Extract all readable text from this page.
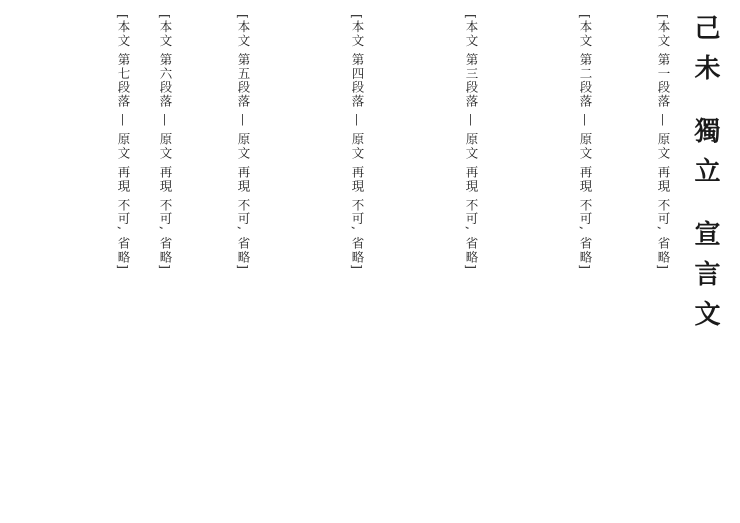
己未 獨立 宣言文
[本文 第一段落 — 原文 再現 不可, 省略]
[本文 第二段落 — 原文 再現 不可, 省略]
[本文 第三段落 — 原文 再現 不可, 省略]
[本文 第四段落 — 原文 再現 不可, 省略]
[本文 第五段落 — 原文 再現 不可, 省略]
[本文 第六段落 — 原文 再現 不可, 省略]
[本文 第七段落 — 原文 再現 不可, 省略]
